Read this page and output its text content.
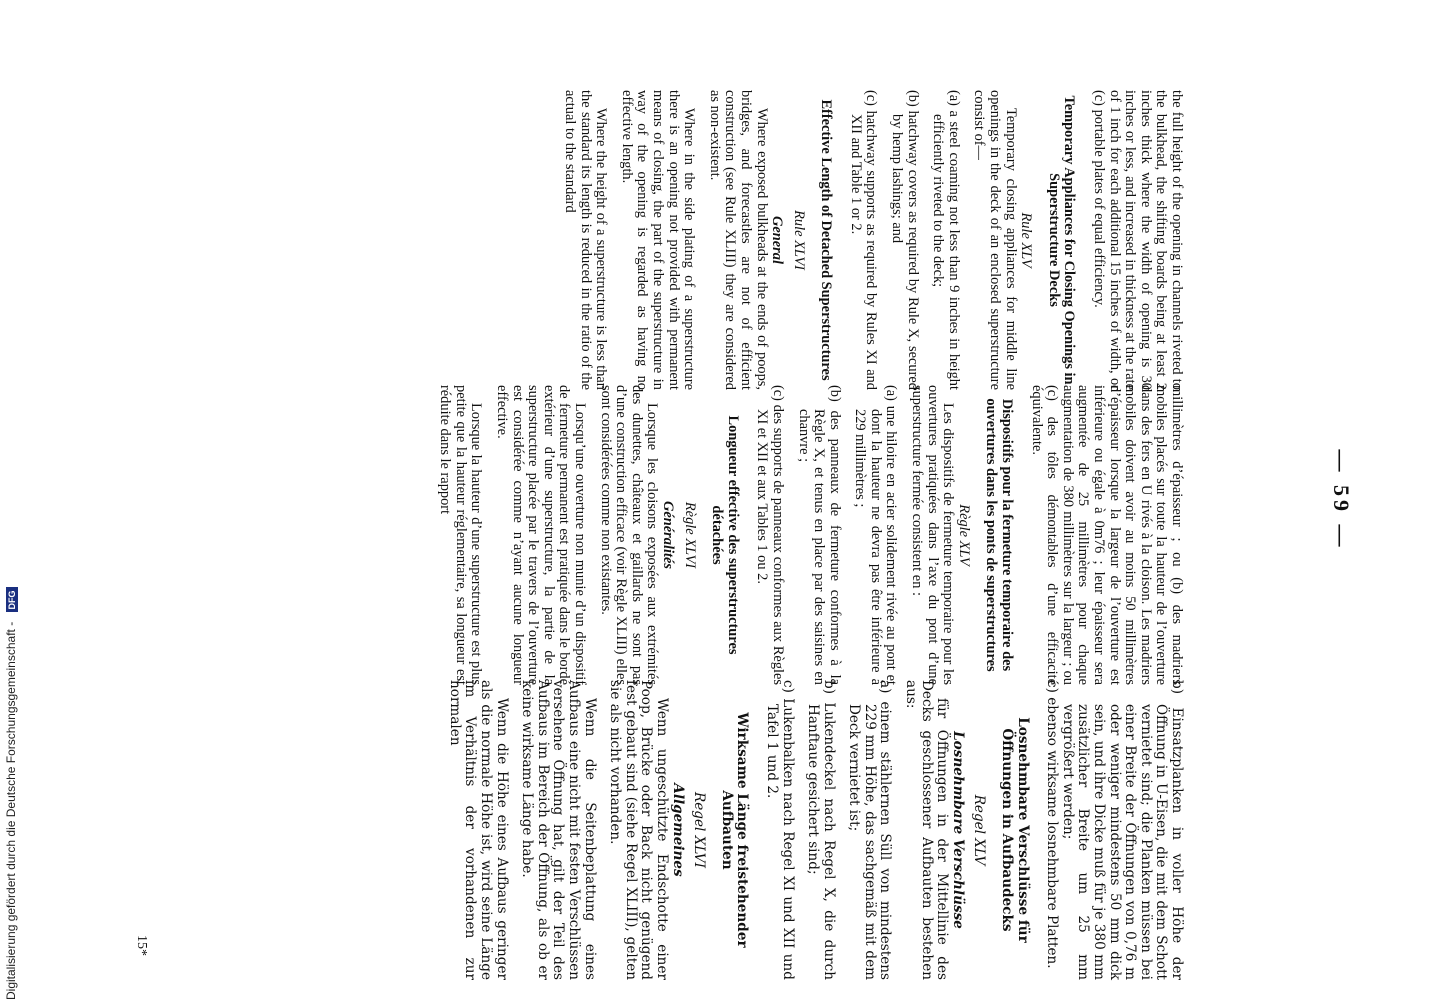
— 59 —

the full height of the opening in channels riveted to the bulkhead, the shifting boards being at least 2 inches thick where the width of opening is 30 inches or less, and increased in thickness at the rate of 1 inch for each additional 15 inches of width, or (c) portable plates of equal efficiency.

Temporary Appliances for Closing Openings in Superstructure Decks

Rule XLV

Temporary closing appliances for middle line openings in the deck of an enclosed superstructure consist of—

(a) a steel coaming not less than 9 inches in height efficiently riveted to the deck;

(b) hatchway covers as required by Rule X, secured by hemp lashings; and

(c) hatchway supports as required by Rules XI and XII and Table 1 or 2.

Effective Length of Detached Superstructures

Rule XLVI

General

Where exposed bulkheads at the ends of poops, bridges, and forecastles are not of efficient construction (see Rule XLIII) they are considered as non-existent.

Where in the side plating of a superstructure there is an opening not provided with permanent means of closing, the part of the superstructure in way of the opening is regarded as having no effective length.

Where the height of a superstructure is less than the standard its length is reduced in the ratio of the actual to the standard

millimètres d’épaisseur ; ou (b) des madriers mobiles placés sur toute la hauteur de l’ouverture dans des fers en U rivés à la cloison. Les madriers mobiles doivent avoir au moins 50 millimètres d’épaisseur lorsque la largeur de l’ouverture est inférieure ou égale à 0m76 ; leur épaisseur sera augmentée de 25 millimètres pour chaque augmentation de 380 millimètres sur la largeur ; ou (c) des tôles démontables d’une efficacité équivalente.

Dispositifs pour la fermeture temporaire des ouvertures dans les ponts de superstructures

Règle XLV

Les dispositifs de fermeture temporaire pour les ouvertures pratiquées dans l’axe du pont d’une superstructure fermée consistent en :

(a) une hiloire en acier solidement rivée au pont et dont la hauteur ne devra pas être inférieure à 229 millimètres ;

(b) des panneaux de fermeture conformes à la Règle X, et tenus en place par des saisines en chanvre ;

(c) des supports de panneaux conformes aux Règles XI et XII et aux Tables 1 ou 2.

Longueur effective des superstructures détachées

Règle XLVI

Généralités

Lorsque les cloisons exposées aux extrémités des dunettes, châteaux et gaillards ne sont pas d’une construction efficace (voir Règle XLIII) elles sont considérées comme non existantes.

Lorsqu’une ouverture non munie d’un dispositif de fermeture permanent est pratiquée dans le bordé extérieur d’une superstructure, la partie de la superstructure placée par le travers de l’ouverture est considérée comme n’ayant aucune longueur effective.

Lorsque la hauteur d’une superstructure est plus petite que la hauteur réglementaire, sa longueur est réduite dans le rapport

b) Einsatzplanken in voller Höhe der Öffnung in U-Eisen, die mit dem Schott vernietet sind; die Planken müssen bei einer Breite der Öffnungen von 0,76 m oder weniger mindestens 50 mm dick sein, und ihre Dicke muß für je 380 mm zusätzlicher Breite um 25 mm vergrößert werden;

c) ebenso wirksame losnehmbare Platten.

Losnehmbare Verschlüsse für Öffnungen in Aufbaudecks

Regel XLV

Losnehmbare Verschlüsse

für Öffnungen in der Mittellinie des Decks geschlossener Aufbauten bestehen aus:

a) einem stählernen Süll von mindestens 229 mm Höhe, das sachgemäß mit dem Deck vernietet ist;

b) Lukendeckel nach Regel X, die durch Hanftaue gesichert sind;

c) Lukenbalken nach Regel XI und XII und Tafel 1 und 2.

Wirksame Länge freistehender Aufbauten

Regel XLVI

Allgemeines

Wenn ungeschützte Endschotte einer Poop, Brücke oder Back nicht genügend fest gebaut sind (siehe Regel XLIII), gelten sie als nicht vorhanden.

Wenn die Seitenbeplattung eines Aufbaus eine nicht mit festen Verschlüssen versehene Öffnung hat, gilt der Teil des Aufbaus im Bereich der Öffnung, als ob er keine wirksame Länge habe.

Wenn die Höhe eines Aufbaus geringer als die normale Höhe ist, wird seine Länge im Verhältnis der vorhandenen zur normalen

15*
Digitalisierung gefördert durch die Deutsche Forschungsgemeinschaft - DFG
